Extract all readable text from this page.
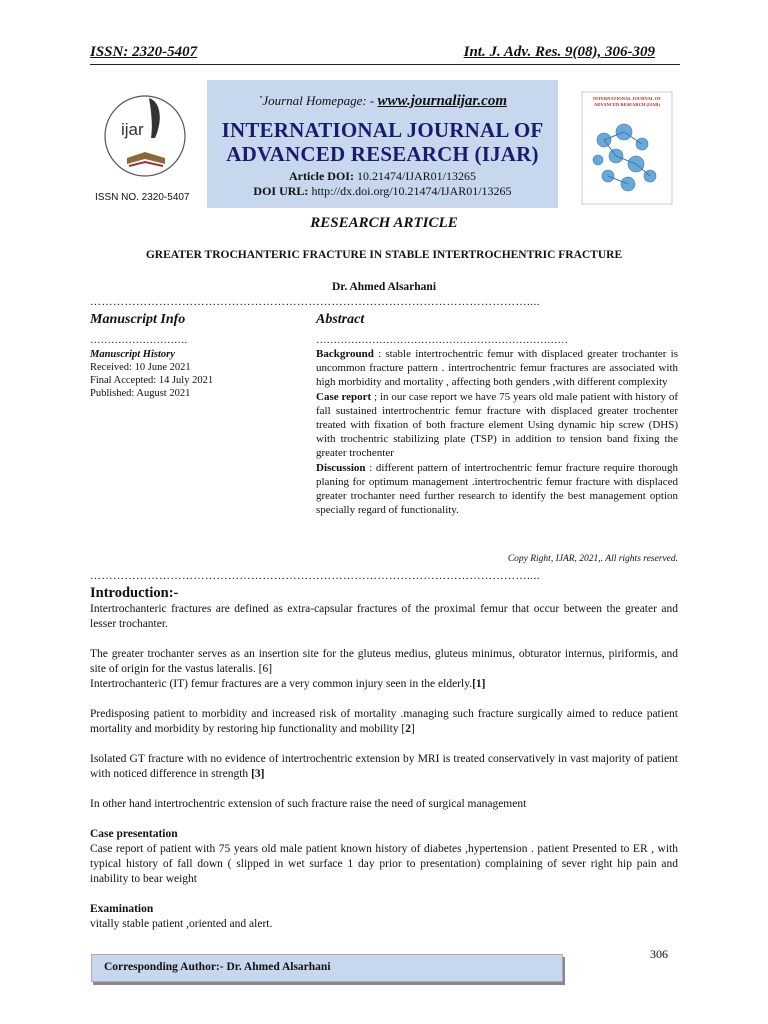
ISSN: 2320-5407	Int. J. Adv. Res. 9(08), 306-309
ijar
ISSN NO. 2320-5407
INTERNATIONAL JOURNAL OF
ADVANCED RESEARCH (IJAR)
`Journal Homepage: - www.journalijar.com
INTERNATIONAL JOURNAL OF
ADVANCED RESEARCH (IJAR)
Article DOI: 10.21474/IJAR01/13265
DOI URL: http://dx.doi.org/10.21474/IJAR01/13265
RESEARCH ARTICLE
GREATER TROCHANTERIC FRACTURE IN STABLE INTERTROCHENTRIC FRACTURE
Dr. Ahmed Alsarhani
……………………………………………………………………………………………………....
Manuscript Info
……………………….
Manuscript History
Received: 10 June 2021
Final Accepted: 14 July 2021
Published: August 2021
Abstract
………………………………………………………………

Background : stable intertrochentric femur with displaced greater trochanter is uncommon fracture pattern . intertrochentric femur fractures are associated with high morbidity and mortality , affecting both genders ,with different complexity

Case report ; in our case report we have 75 years old male patient with history of fall sustained intertrochentric femur fracture with displaced greater trochenter treated with fixation of both fracture element Using dynamic hip screw (DHS) with trochentric stabilizing plate (TSP) in addition to tension band fixing the greater trochenter

Discussion : different pattern of intertrochentric femur fracture require thorough planing for optimum management .intertrochentric femur fracture with displaced greater trochanter need further research to identify the best management option specially regard of functionality.

Copy Right, IJAR, 2021,. All rights reserved.
……………………………………………………………………………………………………....
Introduction:-

Intertrochanteric fractures are defined as extra-capsular fractures of the proximal femur that occur between the greater and lesser trochanter.

The greater trochanter serves as an insertion site for the gluteus medius, gluteus minimus, obturator internus, piriformis, and site of origin for the vastus lateralis. [6]

Intertrochanteric (IT) femur fractures are a very common injury seen in the elderly.[1]

Predisposing patient to morbidity and increased risk of mortality .managing such fracture surgically aimed to reduce patient mortality and morbidity by restoring hip functionality and mobility [2]

Isolated GT fracture with no evidence of intertrochentric extension by MRI is treated conservatively in vast majority of patient with noticed difference in strength [3]

In other hand intertrochentric extension of such fracture raise the need of surgical management

Case presentation

Case report of patient with 75 years old male patient known history of diabetes ,hypertension . patient Presented to ER , with typical history of fall down ( slipped in wet surface 1 day prior to presentation) complaining of sever right hip pain and inability to bear weight

Examination

vitally stable patient ,oriented and alert.

306
Corresponding Author:- Dr. Ahmed Alsarhani
